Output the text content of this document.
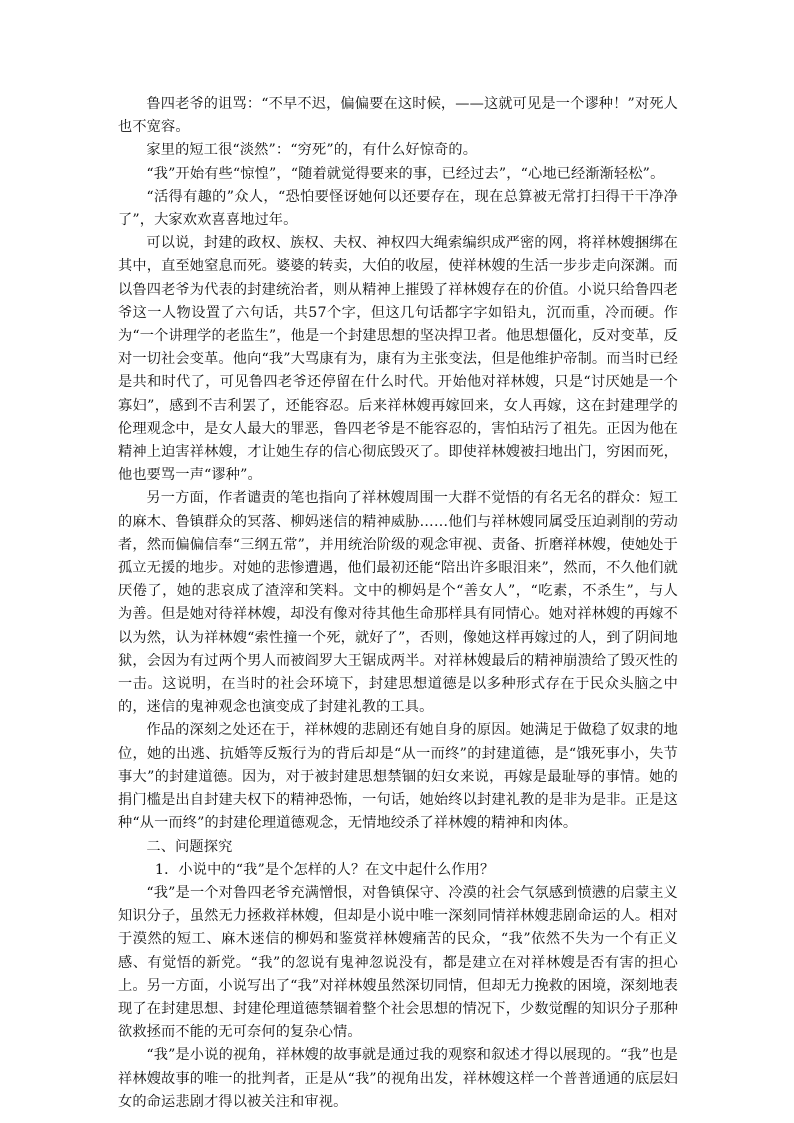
鲁四老爷的诅骂：“不早不迟，偏偏要在这时候，——这就可见是一个谬种！”对死人也不宽容。

家里的短工很“淡然”：“穷死”的，有什么好惊奇的。

“我”开始有些“惊惶”，“随着就觉得要来的事，已经过去”，“心地已经渐渐轻松”。

“活得有趣的”众人，“恐怕要怪讶她何以还要存在，现在总算被无常打扫得干干净净了”，大家欢欢喜喜地过年。

可以说，封建的政权、族权、夫权、神权四大绳索编织成严密的网，将祥林嫂捆绑在其中，直至她窒息而死。婆婆的转卖，大伯的收屋，使祥林嫂的生活一步步走向深渊。而以鲁四老爷为代表的封建统治者，则从精神上摧毁了祥林嫂存在的价值。小说只给鲁四老爷这一人物设置了六句话，共57个字，但这几句话都字字如铅丸，沉而重，冷而硬。作为“一个讲理学的老监生”，他是一个封建思想的坚决捍卫者。他思想僵化，反对变革，反对一切社会变革。他向“我”大骂康有为，康有为主张变法，但是他维护帝制。而当时已经是共和时代了，可见鲁四老爷还停留在什么时代。开始他对祥林嫂，只是“讨厌她是一个寡妇”，感到不吉利罢了，还能容忍。后来祥林嫂再嫁回来，女人再嫁，这在封建理学的伦理观念中，是女人最大的罪恶，鲁四老爷是不能容忍的，害怕玷污了祖先。正因为他在精神上迫害祥林嫂，才让她生存的信心彻底毁灭了。即使祥林嫂被扫地出门，穷困而死，他也要骂一声“谬种”。

另一方面，作者谴责的笔也指向了祥林嫂周围一大群不觉悟的有名无名的群众：短工的麻木、鲁镇群众的冥落、柳妈迷信的精神威胁……他们与祥林嫂同属受压迫剥削的劳动者，然而偏偏信奉“三纲五常”，并用统治阶级的观念审视、责备、折磨祥林嫂，使她处于孤立无援的地步。对她的悲惨遭遇，他们最初还能“陪出许多眼泪来”，然而，不久他们就厌倦了，她的悲哀成了渣滓和笑料。文中的柳妈是个“善女人”，“吃素，不杀生”，与人为善。但是她对待祥林嫂，却没有像对待其他生命那样具有同情心。她对祥林嫂的再嫁不以为然，认为祥林嫂“索性撞一个死，就好了”，否则，像她这样再嫁过的人，到了阴间地狱，会因为有过两个男人而被阎罗大王锯成两半。对祥林嫂最后的精神崩溃给了毁灭性的一击。这说明，在当时的社会环境下，封建思想道德是以多种形式存在于民众头脑之中的，迷信的鬼神观念也演变成了封建礼教的工具。

作品的深刻之处还在于，祥林嫂的悲剧还有她自身的原因。她满足于做稳了奴隶的地位，她的出逃、抗婚等反叛行为的背后却是“从一而终”的封建道德，是“饿死事小，失节事大”的封建道德。因为，对于被封建思想禁锢的妇女来说，再嫁是最耻辱的事情。她的捐门槛是出自封建夫权下的精神恐怖，一句话，她始终以封建礼教的是非为是非。正是这种“从一而终”的封建伦理道德观念，无情地绞杀了祥林嫂的精神和肉体。

二、问题探究

1．小说中的“我”是个怎样的人？在文中起什么作用？

“我”是一个对鲁四老爷充满憎恨，对鲁镇保守、冷漠的社会气氛感到愤懑的启蒙主义知识分子，虽然无力拯救祥林嫂，但却是小说中唯一深刻同情祥林嫂悲剧命运的人。相对于漠然的短工、麻木迷信的柳妈和鉴赏祥林嫂痛苦的民众，“我”依然不失为一个有正义感、有觉悟的新党。“我”的忽说有鬼神忽说没有，都是建立在对祥林嫂是否有害的担心上。另一方面，小说写出了“我”对祥林嫂虽然深切同情，但却无力挽救的困境，深刻地表现了在封建思想、封建伦理道德禁锢着整个社会思想的情况下，少数觉醒的知识分子那种欲救拯而不能的无可奈何的复杂心情。

“我”是小说的视角，祥林嫂的故事就是通过我的观察和叙述才得以展现的。“我”也是祥林嫂故事的唯一的批判者，正是从“我”的视角出发，祥林嫂这样一个普普通通的底层妇女的命运悲剧才得以被关注和审视。
